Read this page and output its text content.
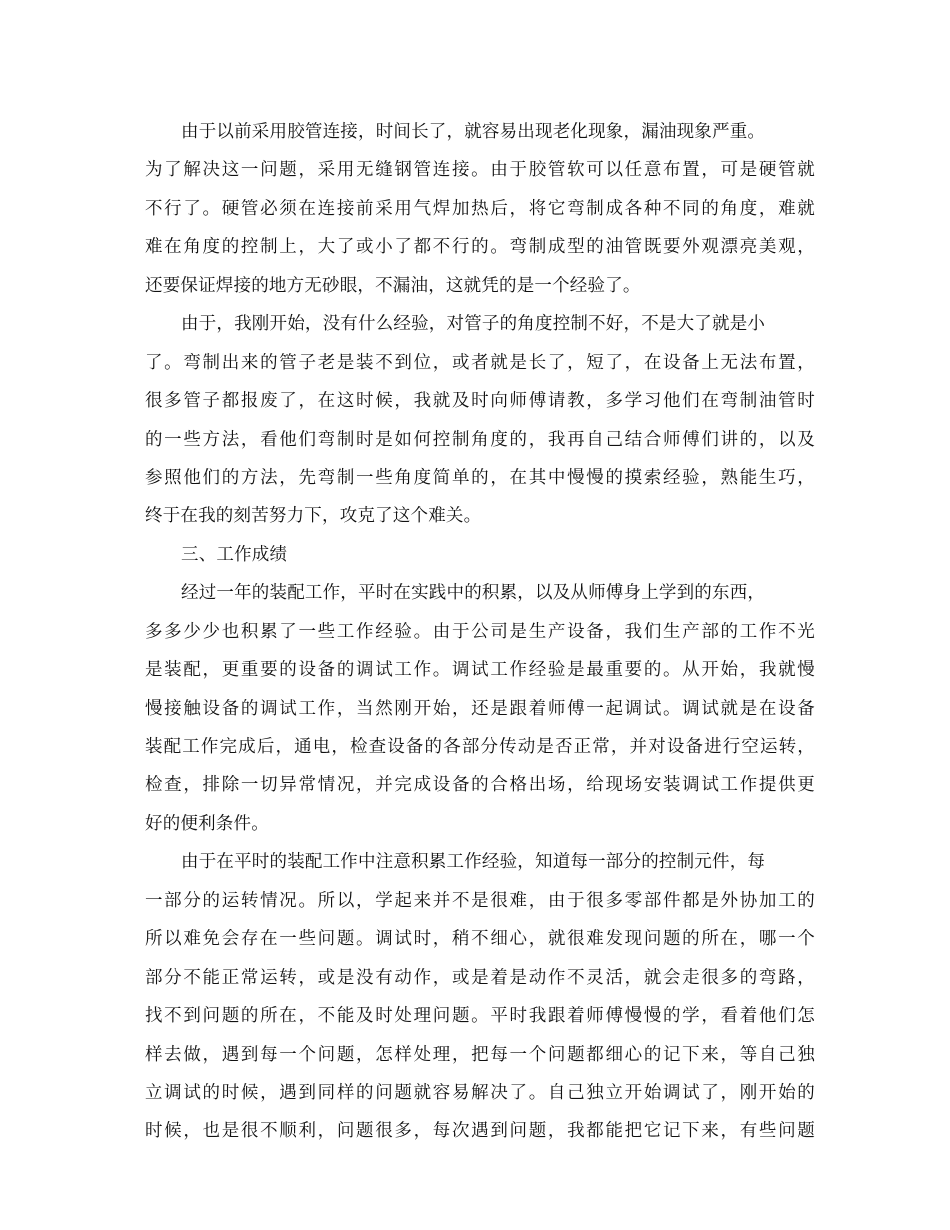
由于以前采用胶管连接，时间长了，就容易出现老化现象，漏油现象严重。
为了解决这一问题，采用无缝钢管连接。由于胶管软可以任意布置，可是硬管就
不行了。硬管必须在连接前采用气焊加热后，将它弯制成各种不同的角度，难就
难在角度的控制上，大了或小了都不行的。弯制成型的油管既要外观漂亮美观，
还要保证焊接的地方无砂眼，不漏油，这就凭的是一个经验了。
由于，我刚开始，没有什么经验，对管子的角度控制不好，不是大了就是小
了。弯制出来的管子老是装不到位，或者就是长了，短了，在设备上无法布置，
很多管子都报废了，在这时候，我就及时向师傅请教，多学习他们在弯制油管时
的一些方法，看他们弯制时是如何控制角度的，我再自己结合师傅们讲的，以及
参照他们的方法，先弯制一些角度简单的，在其中慢慢的摸索经验，熟能生巧，
终于在我的刻苦努力下，攻克了这个难关。
三、工作成绩
经过一年的装配工作，平时在实践中的积累，以及从师傅身上学到的东西，
多多少少也积累了一些工作经验。由于公司是生产设备，我们生产部的工作不光
是装配，更重要的设备的调试工作。调试工作经验是最重要的。从开始，我就慢
慢接触设备的调试工作，当然刚开始，还是跟着师傅一起调试。调试就是在设备
装配工作完成后，通电，检查设备的各部分传动是否正常，并对设备进行空运转，
检查，排除一切异常情况，并完成设备的合格出场，给现场安装调试工作提供更
好的便利条件。
由于在平时的装配工作中注意积累工作经验，知道每一部分的控制元件，每
一部分的运转情况。所以，学起来并不是很难，由于很多零部件都是外协加工的
所以难免会存在一些问题。调试时，稍不细心，就很难发现问题的所在，哪一个
部分不能正常运转，或是没有动作，或是着是动作不灵活，就会走很多的弯路，
找不到问题的所在，不能及时处理问题。平时我跟着师傅慢慢的学，看着他们怎
样去做，遇到每一个问题，怎样处理，把每一个问题都细心的记下来，等自己独
立调试的时候，遇到同样的问题就容易解决了。自己独立开始调试了，刚开始的
时候，也是很不顺利，问题很多，每次遇到问题，我都能把它记下来，有些问题
